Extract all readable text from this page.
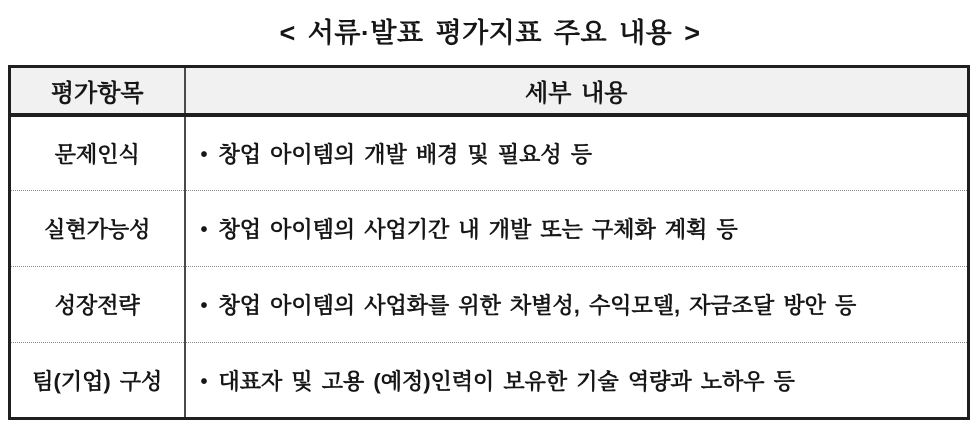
< 서류·발표 평가지표 주요 내용 >
평가항목	세부 내용
문제인식	• 창업 아이템의 개발 배경 및 필요성 등
실현가능성	• 창업 아이템의 사업기간 내 개발 또는 구체화 계획 등
성장전략	• 창업 아이템의 사업화를 위한 차별성, 수익모델, 자금조달 방안 등
팀(기업) 구성	• 대표자 및 고용 (예정)인력이 보유한 기술 역량과 노하우 등
